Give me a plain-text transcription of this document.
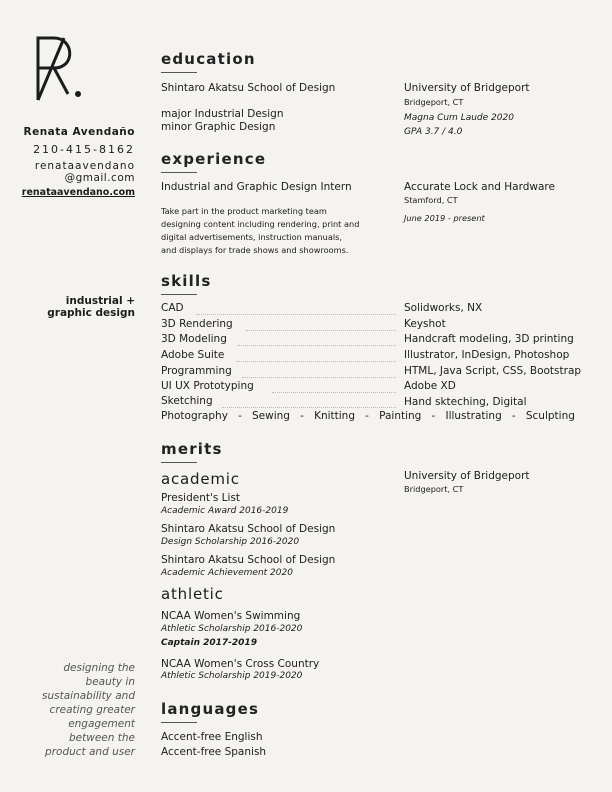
Renata Avendaño
210-415-8162
renataavendano
@gmail.com
renataavendano.com
industrial +
graphic design
designing the
beauty in
sustainability and
creating greater
engagement
between the
product and user
education
Shintaro Akatsu School of Design
major Industrial Design
minor Graphic Design
University of Bridgeport
Bridgeport, CT
Magna Cum Laude 2020
GPA 3.7 / 4.0
experience
Industrial and Graphic Design Intern	Accurate Lock and Hardware
Stamford, CT
June 2019 - present
Take part in the product marketing team
designing content including rendering, print and
digital advertisements, instruction manuals,
and displays for trade shows and showrooms.
skills
CAD	Solidworks, NX
3D Rendering	Keyshot
3D Modeling	Handcraft modeling, 3D printing
Adobe Suite	Illustrator, InDesign, Photoshop
Programming	HTML, Java Script, CSS, Bootstrap
UI UX Prototyping	Adobe XD
Sketching	Hand sktech‌ing, Digital
Photography - Sewing - Knitting - Painting - Illustrating - Sculpting
merits
academic	University of Bridgeport
Bridgeport, CT
President's List
Academic Award 2016-2019
Shintaro Akatsu School of Design
Design Scholarship 2016-2020
Shintaro Akatsu School of Design
Academic Achievement 2020
athletic
NCAA Women's Swimming
Athletic Scholarship 2016-2020
Captain 2017-2019
NCAA Women's Cross Country
Athletic Scholarship 2019-2020
languages
Accent-free English
Accent-free Spanish
